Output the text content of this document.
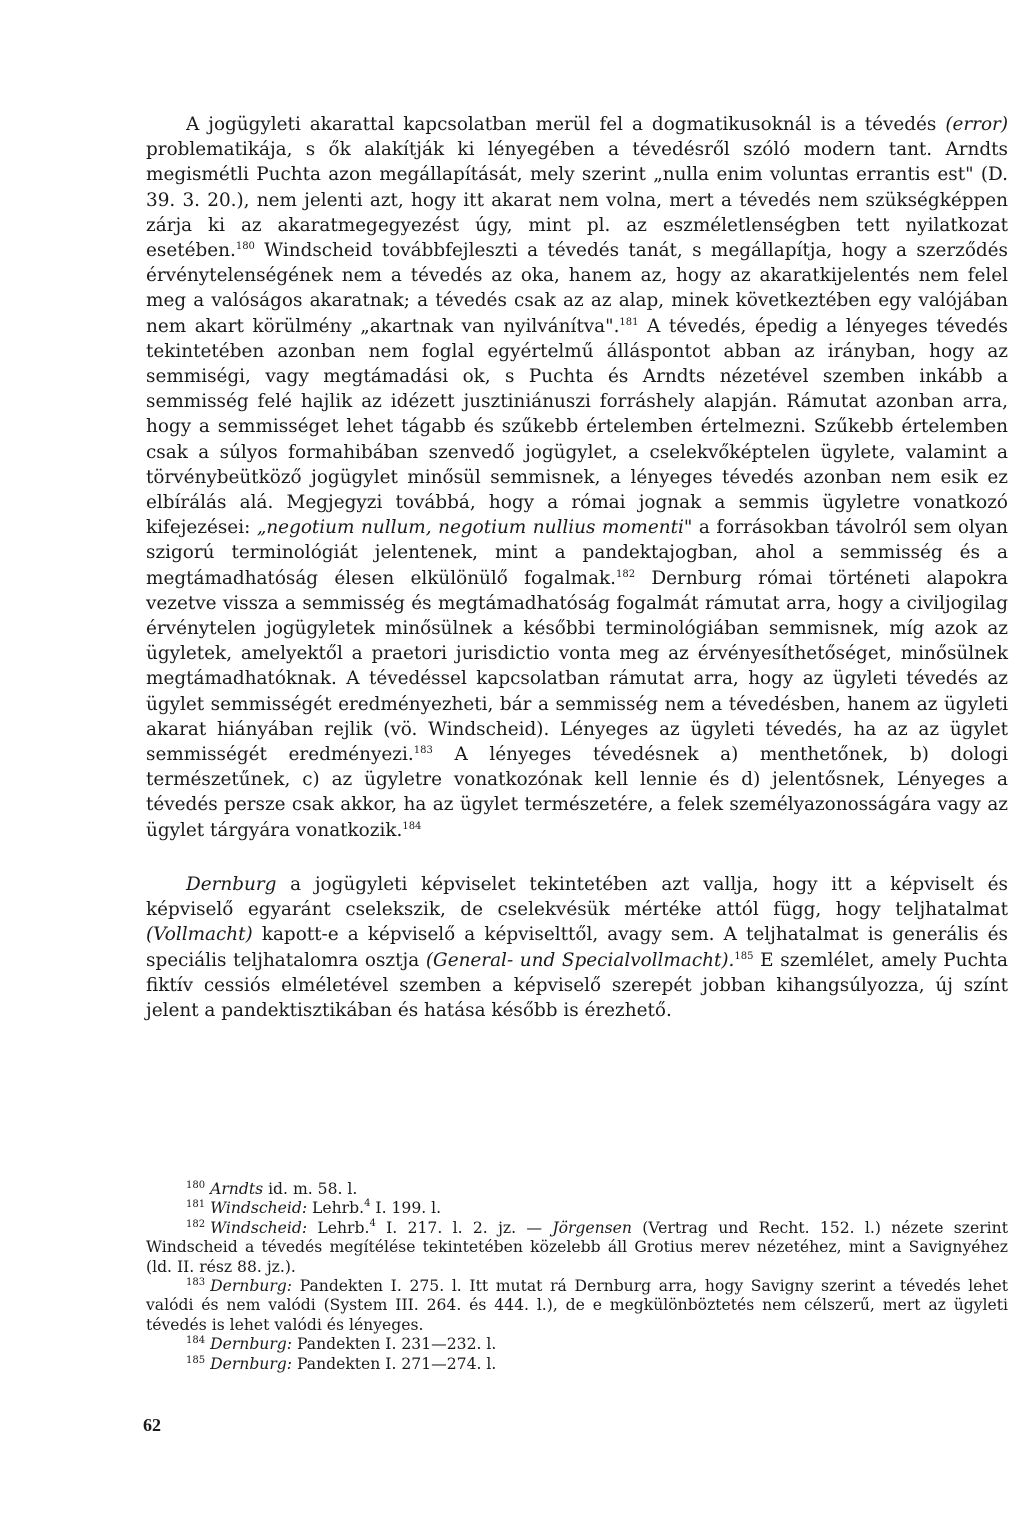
A jogügyleti akarattal kapcsolatban merül fel a dogmatikusoknál is a tévedés (error) problematikája, s ők alakítják ki lényegében a tévedésről szóló modern tant. Arndts megismétli Puchta azon megállapítását, mely szerint „nulla enim voluntas errantis est" (D. 39. 3. 20.), nem jelenti azt, hogy itt akarat nem volna, mert a tévedés nem szükségképpen zárja ki az akaratmegegyezést úgy, mint pl. az eszméletlenségben tett nyilatkozat esetében.$^{180}$ Windscheid továbbfejleszti a tévedés tanát, s megállapítja, hogy a szerződés érvénytelenségének nem a tévedés az oka, hanem az, hogy az akaratkijelentés nem felel meg a valóságos akaratnak; a tévedés csak az az alap, minek következtében egy valójában nem akart körülmény „akartnak van nyilvánítva".$^{181}$ A tévedés, épedig a lényeges tévedés tekintetében azonban nem foglal egyértelmű álláspontot abban az irányban, hogy az semmiségi, vagy megtámadási ok, s Puchta és Arndts nézetével szemben inkább a semmisség felé hajlik az idézett jusztiniánuszi forráshely alapján. Rámutat azonban arra, hogy a semmisséget lehet tágabb és szűkebb értelemben értelmezni. Szűkebb értelemben csak a súlyos formahibában szenvedő jogügylet, a cselekvőképtelen ügylete, valamint a törvénybeütköző jogügylet minősül semmisnek, a lényeges tévedés azonban nem esik ez elbírálás alá. Megjegyzi továbbá, hogy a római jognak a semmis ügyletre vonatkozó kifejezései: „negotium nullum, negotium nullius momenti" a forrásokban távolról sem olyan szigorú terminológiát jelentenek, mint a pandektajogban, ahol a semmisség és a megtámadhatóság élesen elkülönülő fogalmak.$^{182}$ Dernburg római történeti alapokra vezetve vissza a semmisség és megtámadhatóság fogalmát rámutat arra, hogy a civiljogilag érvénytelen jogügyletek minősülnek a későbbi terminológiában semmisnek, míg azok az ügyletek, amelyektől a praetori jurisdictio vonta meg az érvényesíthetőséget, minősülnek megtámadhatóknak. A tévedéssel kapcsolatban rámutat arra, hogy az ügyleti tévedés az ügylet semmisségét eredményezheti, bár a semmisség nem a tévedésben, hanem az ügyleti akarat hiányában rejlik (vö. Windscheid). Lényeges az ügyleti tévedés, ha az az ügylet semmisségét eredményezi.$^{183}$ A lényeges tévedésnek a) menthetőnek, b) dologi természetűnek, c) az ügyletre vonatkozónak kell lennie és d) jelentősnek, Lényeges a tévedés persze csak akkor, ha az ügylet természetére, a felek személyazonosságára vagy az ügylet tárgyára vonatkozik.$^{184}$

Dernburg a jogügyleti képviselet tekintetében azt vallja, hogy itt a képviselt és képviselő egyaránt cselekszik, de cselekvésük mértéke attól függ, hogy teljhatalmat (Vollmacht) kapott-e a képviselő a képviselttől, avagy sem. A teljhatalmat is generális és speciális teljhatalomra osztja (General- und Specialvollmacht).$^{185}$ E szemlélet, amely Puchta fiktív cessiós elméletével szemben a képviselő szerepét jobban kihangsúlyozza, új színt jelent a pandektisztikában és hatása később is érezhető.

$^{180}$ Arndts id. m. 58. l.

$^{181}$ Windscheid: Lehrb.$^4$ I. 199. l.

$^{182}$ Windscheid: Lehrb.$^4$ I. 217. l. 2. jz. — Jörgensen (Vertrag und Recht. 152. l.) nézete szerint Windscheid a tévedés megítélése tekintetében közelebb áll Grotius merev nézetéhez, mint a Savignyéhez (ld. II. rész 88. jz.).

$^{183}$ Dernburg: Pandekten I. 275. l. Itt mutat rá Dernburg arra, hogy Savigny szerint a tévedés lehet valódi és nem valódi (System III. 264. és 444. l.), de e megkülönböztetés nem célszerű, mert az ügyleti tévedés is lehet valódi és lényeges.

$^{184}$ Dernburg: Pandekten I. 231—232. l.

$^{185}$ Dernburg: Pandekten I. 271—274. l.

62
